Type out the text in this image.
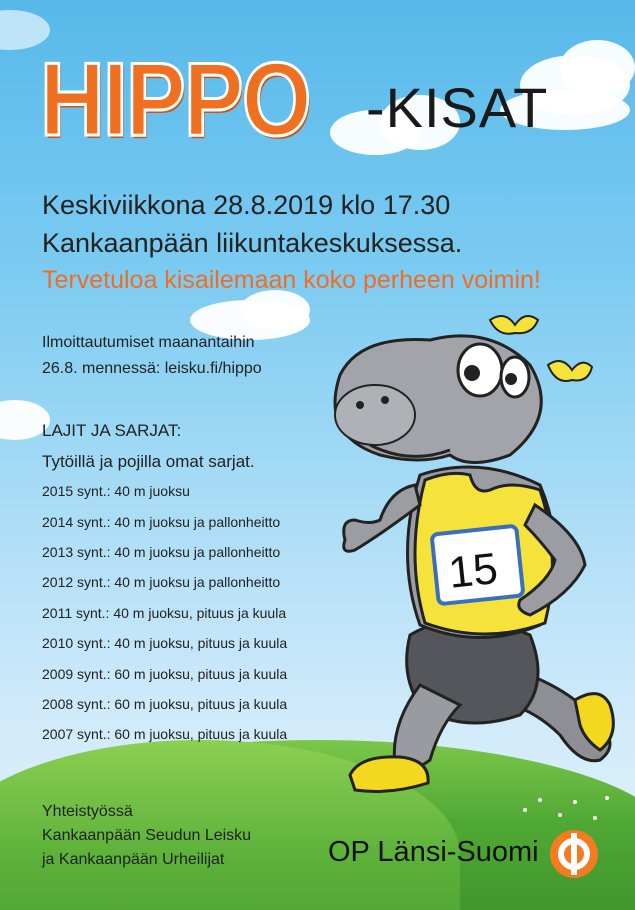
HIPPO -KISAT
Keskiviikkona 28.8.2019 klo 17.30
Kankaanpään liikuntakeskuksessa.
Tervetuloa kisailemaan koko perheen voimin!
Ilmoittautumiset maanantaihin
26.8. mennessä: leisku.fi/hippo
LAJIT JA SARJAT:
Tytöillä ja pojilla omat sarjat.
2015 synt.: 40 m juoksu
2014 synt.: 40 m juoksu ja pallonheitto
2013 synt.: 40 m juoksu ja pallonheitto
2012 synt.: 40 m juoksu ja pallonheitto
2011 synt.: 40 m juoksu, pituus ja kuula
2010 synt.: 40 m juoksu, pituus ja kuula
2009 synt.: 60 m juoksu, pituus ja kuula
2008 synt.: 60 m juoksu, pituus ja kuula
2007 synt.: 60 m juoksu, pituus ja kuula
15
Yhteistyössä
Kankaanpään Seudun Leisku
ja Kankaanpään Urheilijat	OP Länsi-Suomi
